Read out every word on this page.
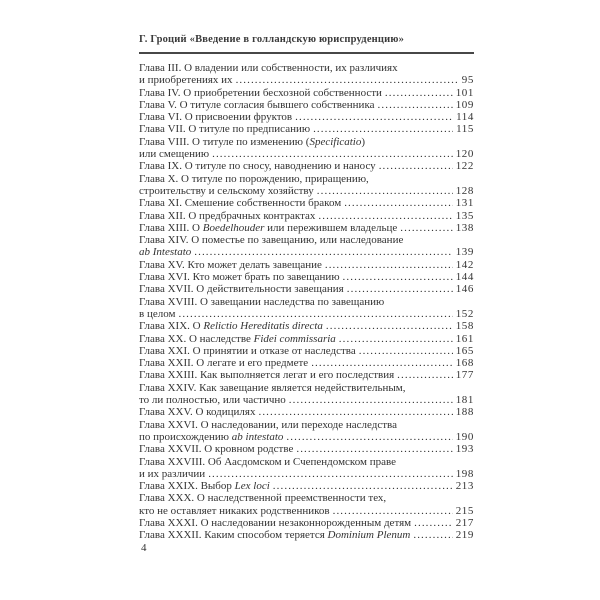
Г. Гроций «Введение в голландскую юриспруденцию»
Глава III. О владении или собственности, их различиях
и приобретениях их .....	95
Глава IV. О приобретении бесхозной собственности .....	101
Глава V. О титуле согласия бывшего собственника .....	109
Глава VI. О присвоении фруктов .....	114
Глава VII. О титуле по предписанию .....	115
Глава VIII. О титуле по изменению (Specificatio)
или смещению .....	120
Глава IX. О титуле по сносу, наводнению и наносу .....	122
Глава X. О титуле по порождению, приращению,
строительству и сельскому хозяйству .....	128
Глава XI. Смешение собственности браком .....	131
Глава XII. О предбрачных контрактах .....	135
Глава XIII. О Boedelhouder или пережившем владельце .....	138
Глава XIV. О поместье по завещанию, или наследование
ab Intestato .....	139
Глава XV. Кто может делать завещание .....	142
Глава XVI. Кто может брать по завещанию .....	144
Глава XVII. О действительности завещания .....	146
Глава XVIII. О завещании наследства по завещанию
в целом .....	152
Глава XIX. О Relictio Hereditatis directa .....	158
Глава XX. О наследстве Fidei commissaria .....	161
Глава XXI. О принятии и отказе от наследства .....	165
Глава XXII. О легате и его предмете .....	168
Глава XXIII. Как выполняется легат и его последствия .....	177
Глава XXIV. Как завещание является недействительным,
то ли полностью, или частично .....	181
Глава XXV. О кодицилях .....	188
Глава XXVI. О наследовании, или переходе наследства
по происхождению ab intestato .....	190
Глава XXVII. О кровном родстве .....	193
Глава XXVIII. Об Аасдомском и Счепендомском праве
и их различии .....	198
Глава XXIX. Выбор Lex loci .....	213
Глава XXX. О наследственной преемственности тех,
кто не оставляет никаких родственников .....	215
Глава XXXI. О наследовании незаконнорожденным детям .....	217
Глава XXXII. Каким способом теряется Dominium Plenum .....	219
4
